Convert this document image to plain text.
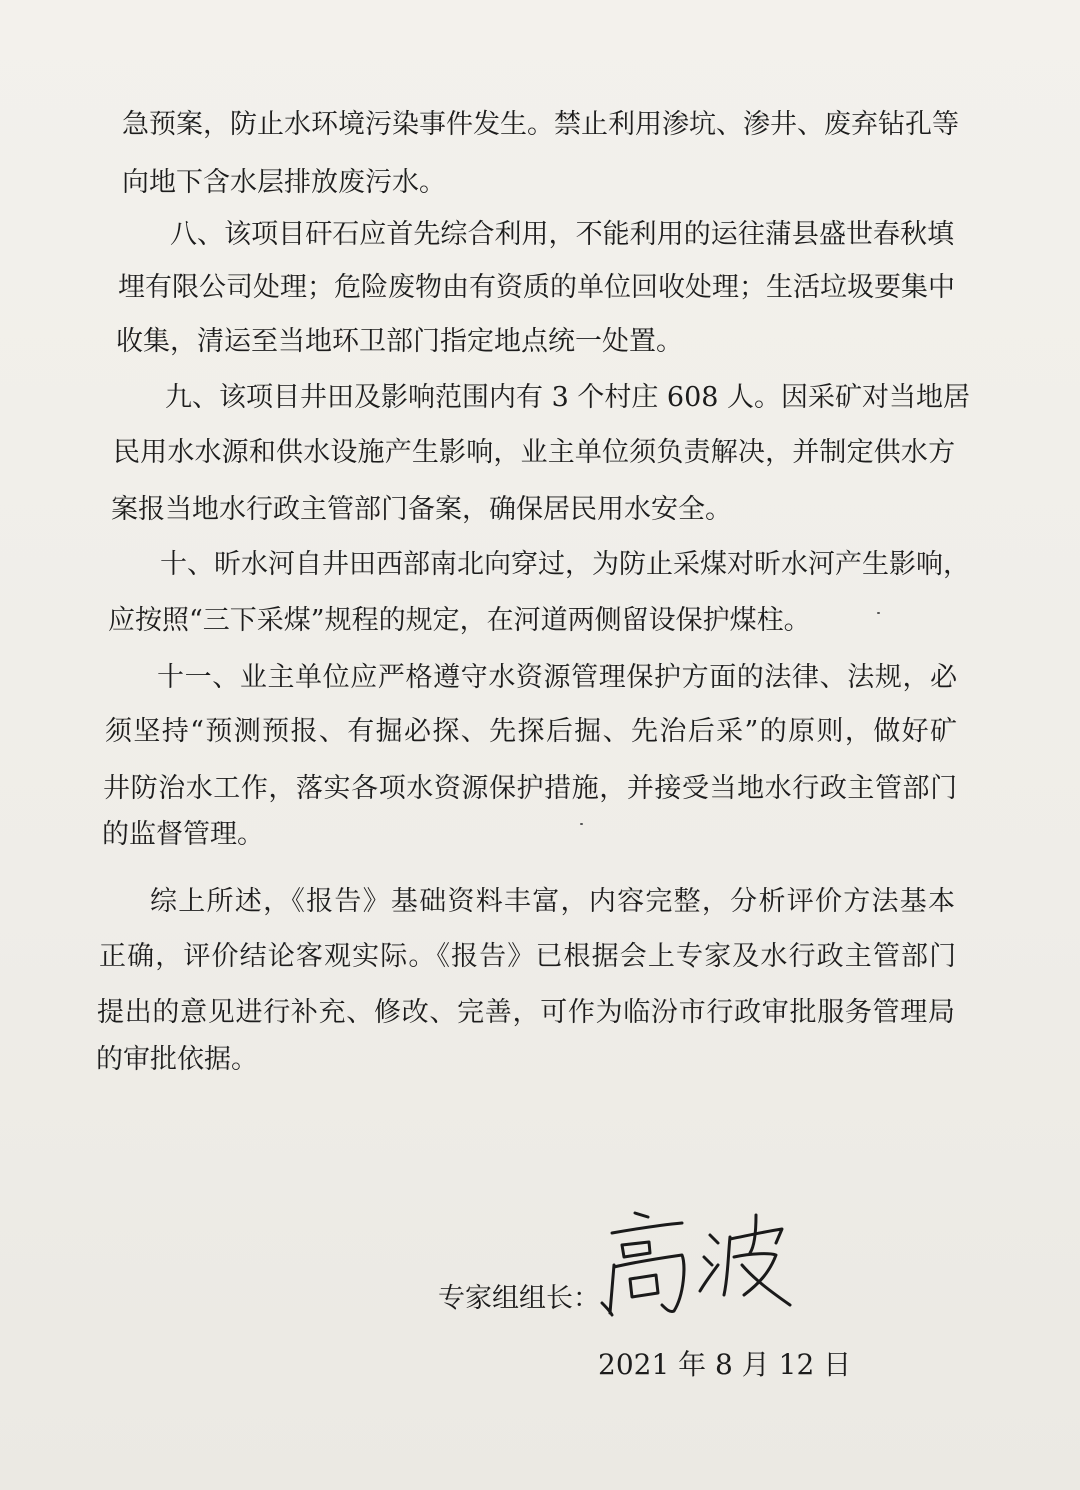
急预案，防止水环境污染事件发生。禁止利用渗坑、渗井、废弃钻孔等
向地下含水层排放废污水。
八、该项目矸石应首先综合利用，不能利用的运往蒲县盛世春秋填
埋有限公司处理；危险废物由有资质的单位回收处理；生活垃圾要集中
收集，清运至当地环卫部门指定地点统一处置。
九、该项目井田及影响范围内有 3 个村庄 608 人。因采矿对当地居
民用水水源和供水设施产生影响，业主单位须负责解决，并制定供水方
案报当地水行政主管部门备案，确保居民用水安全。
十、昕水河自井田西部南北向穿过，为防止采煤对昕水河产生影响，
应按照“三下采煤”规程的规定，在河道两侧留设保护煤柱。
十一、业主单位应严格遵守水资源管理保护方面的法律、法规，必
须坚持“预测预报、有掘必探、先探后掘、先治后采”的原则，做好矿
井防治水工作，落实各项水资源保护措施，并接受当地水行政主管部门
的监督管理。
综上所述，《报告》基础资料丰富，内容完整，分析评价方法基本
正确，评价结论客观实际。《报告》已根据会上专家及水行政主管部门
提出的意见进行补充、修改、完善，可作为临汾市行政审批服务管理局
的审批依据。
专家组组长：
2021 年 8 月 12 日
